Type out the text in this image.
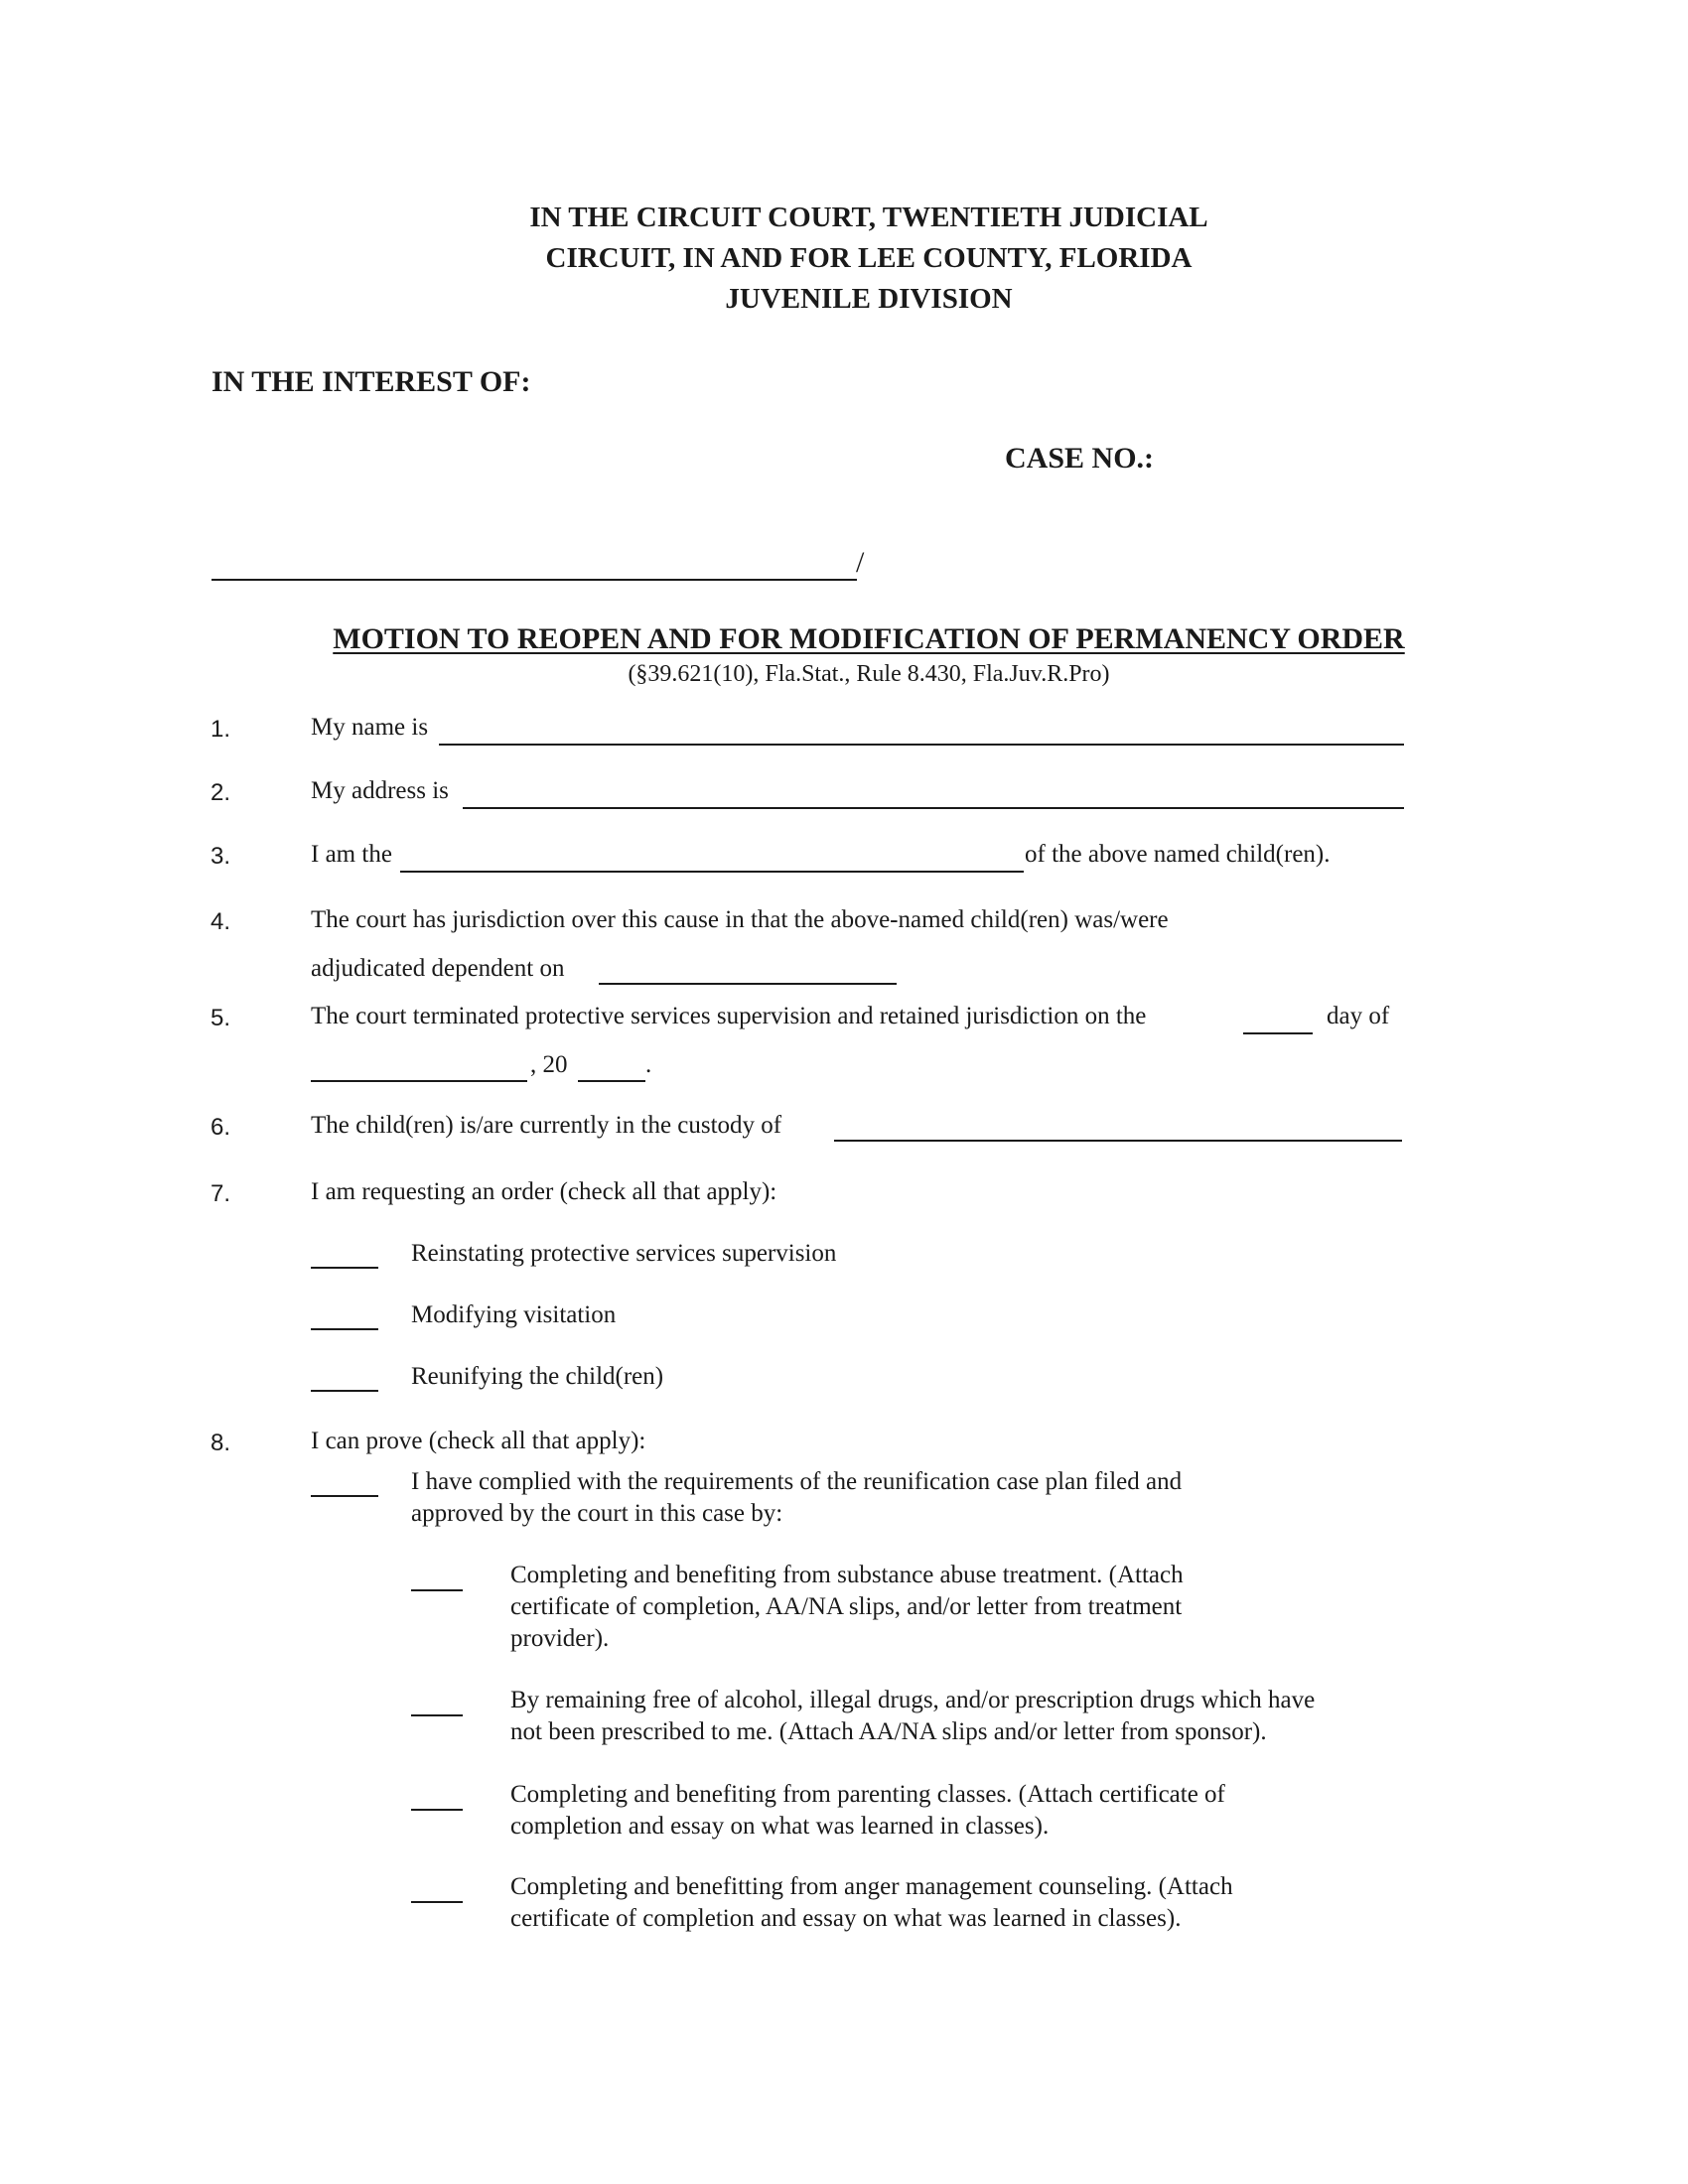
IN THE CIRCUIT COURT, TWENTIETH JUDICIAL
CIRCUIT, IN AND FOR LEE COUNTY, FLORIDA
JUVENILE DIVISION
IN THE INTEREST OF:
CASE NO.:
/
MOTION TO REOPEN AND FOR MODIFICATION OF PERMANENCY ORDER
(§39.621(10), Fla.Stat., Rule 8.430, Fla.Juv.R.Pro)
1.	My name is
2.	My address is
3.	I am the	of the above named child(ren).
4.	The court has jurisdiction over this cause in that the above-named child(ren) was/were
adjudicated dependent on
5.	The court terminated protective services supervision and retained jurisdiction on the	day of
, 20	.
6.	The child(ren) is/are currently in the custody of
7.	I am requesting an order (check all that apply):
Reinstating protective services supervision
Modifying visitation
Reunifying the child(ren)
8.	I can prove (check all that apply):
I have complied with the requirements of the reunification case plan filed and
approved by the court in this case by:
Completing and benefiting from substance abuse treatment. (Attach
certificate of completion, AA/NA slips, and/or letter from treatment
provider).
By remaining free of alcohol, illegal drugs, and/or prescription drugs which have
not been prescribed to me. (Attach AA/NA slips and/or letter from sponsor).
Completing and benefiting from parenting classes. (Attach certificate of
completion and essay on what was learned in classes).
Completing and benefitting from anger management counseling. (Attach
certificate of completion and essay on what was learned in classes).
